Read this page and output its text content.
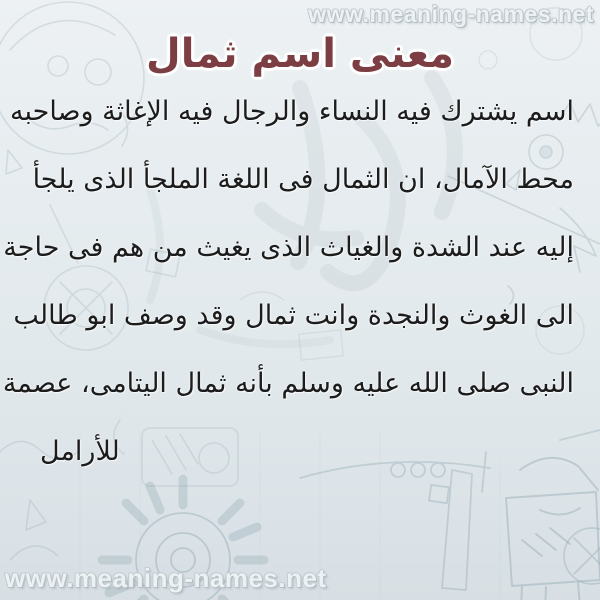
معنى اسم ثمال
www.meaning-names.net
www.meaning-names.net
اسم يشترك فيه النساء والرجال فيه الإغاثة وصاحبه
محط الآمال، ان الثمال فى اللغة الملجأ الذى يلجأ
إليه عند الشدة والغياث الذى يغيث من هم فى حاجة
الى الغوث والنجدة وانت ثمال وقد وصف ابو طالب
النبى صلى الله عليه وسلم بأنه ثمال اليتامى، عصمة
للأرامل
